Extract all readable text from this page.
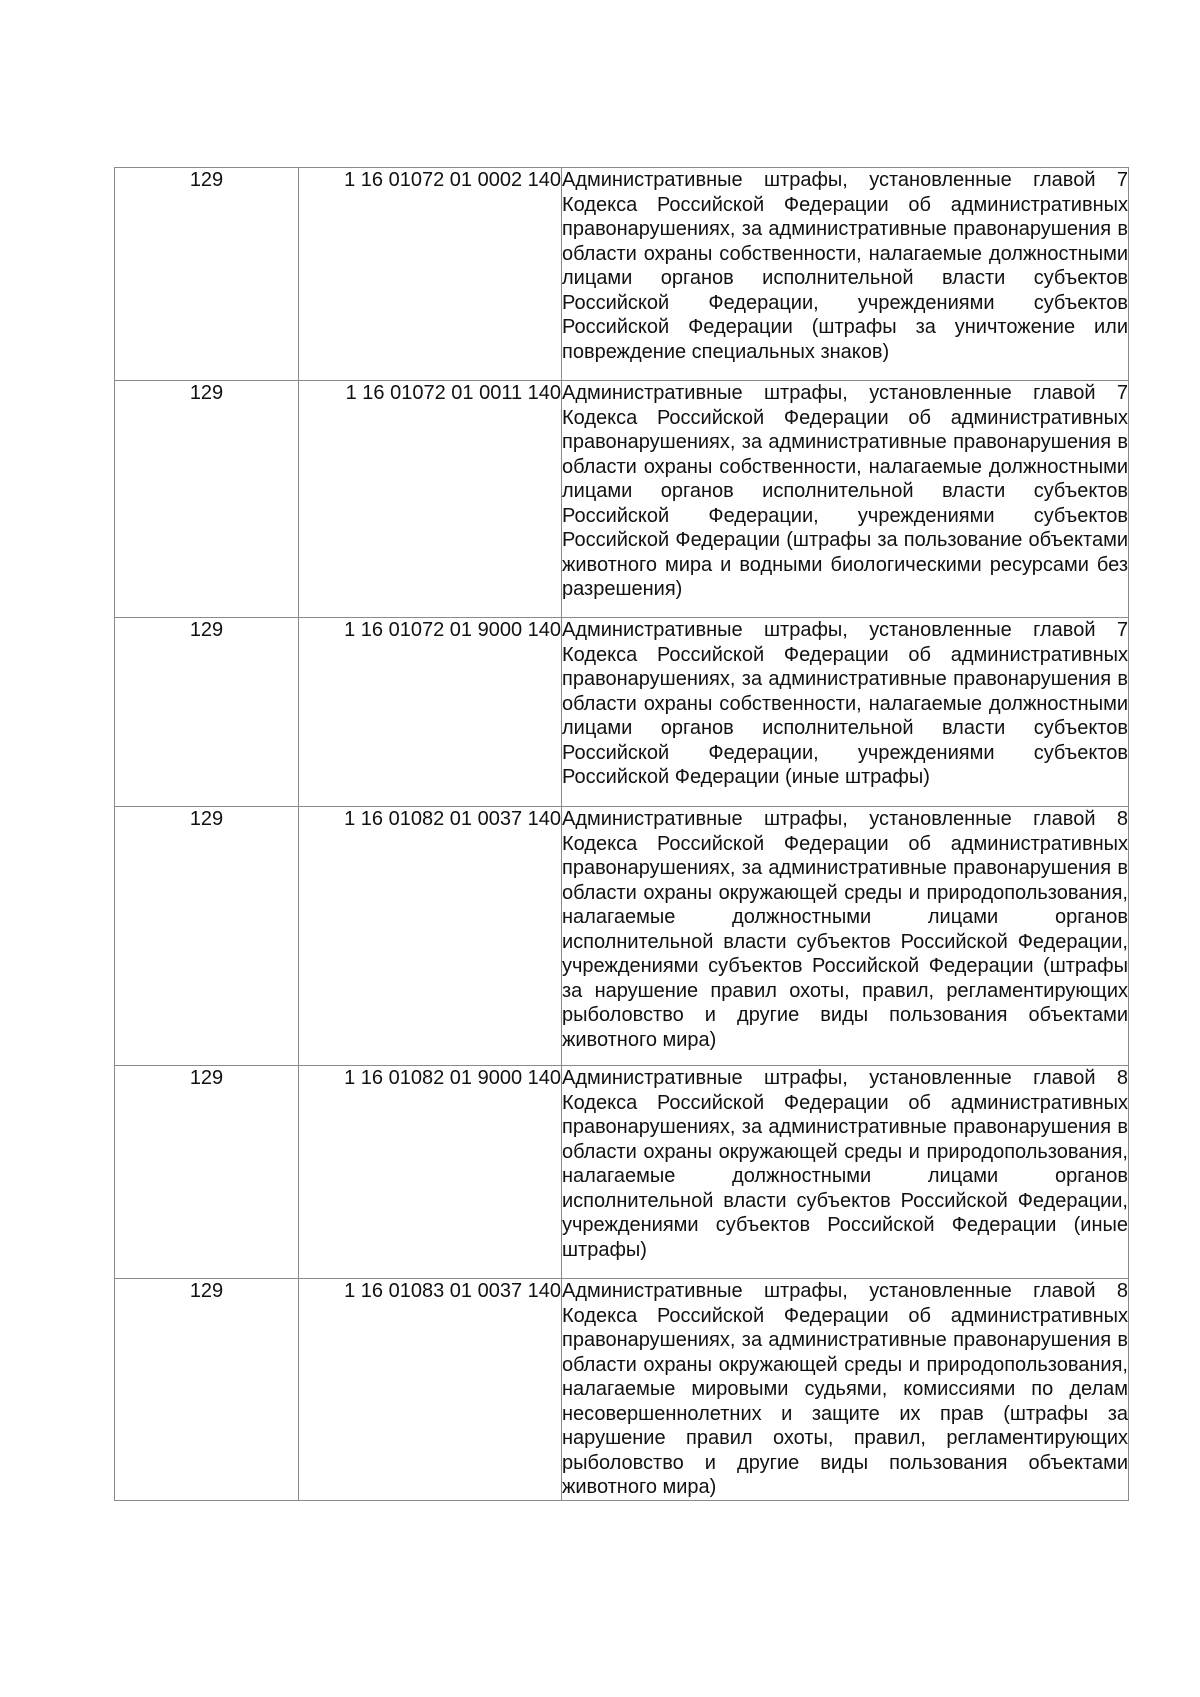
129	1 16 01072 01 0002 140	Административные штрафы, установленные главой 7 Кодекса Российской Федерации об административных правонарушениях, за административные правонарушения в области охраны собственности, налагаемые должностными лицами органов исполнительной власти субъектов Российской Федерации, учреждениями субъектов Российской Федерации (штрафы за уничтожение или повреждение специальных знаков)

129	1 16 01072 01 0011 140	Административные штрафы, установленные главой 7 Кодекса Российской Федерации об административных правонарушениях, за административные правонарушения в области охраны собственности, налагаемые должностными лицами органов исполнительной власти субъектов Российской Федерации, учреждениями субъектов Российской Федерации (штрафы за пользование объектами животного мира и водными биологическими ресурсами без разрешения)

129	1 16 01072 01 9000 140	Административные штрафы, установленные главой 7 Кодекса Российской Федерации об административных правонарушениях, за административные правонарушения в области охраны собственности, налагаемые должностными лицами органов исполнительной власти субъектов Российской Федерации, учреждениями субъектов Российской Федерации (иные штрафы)

129	1 16 01082 01 0037 140	Административные штрафы, установленные главой 8 Кодекса Российской Федерации об административных правонарушениях, за административные правонарушения в области охраны окружающей среды и природопользования, налагаемые должностными лицами органов исполнительной власти субъектов Российской Федерации, учреждениями субъектов Российской Федерации (штрафы за нарушение правил охоты, правил, регламентирующих рыболовство и другие виды пользования объектами животного мира)

129	1 16 01082 01 9000 140	Административные штрафы, установленные главой 8 Кодекса Российской Федерации об административных правонарушениях, за административные правонарушения в области охраны окружающей среды и природопользования, налагаемые должностными лицами органов исполнительной власти субъектов Российской Федерации, учреждениями субъектов Российской Федерации (иные штрафы)

129	1 16 01083 01 0037 140	Административные штрафы, установленные главой 8 Кодекса Российской Федерации об административных правонарушениях, за административные правонарушения в области охраны окружающей среды и природопользования, налагаемые мировыми судьями, комиссиями по делам несовершеннолетних и защите их прав (штрафы за нарушение правил охоты, правил, регламентирующих рыболовство и другие виды пользования объектами животного мира)
